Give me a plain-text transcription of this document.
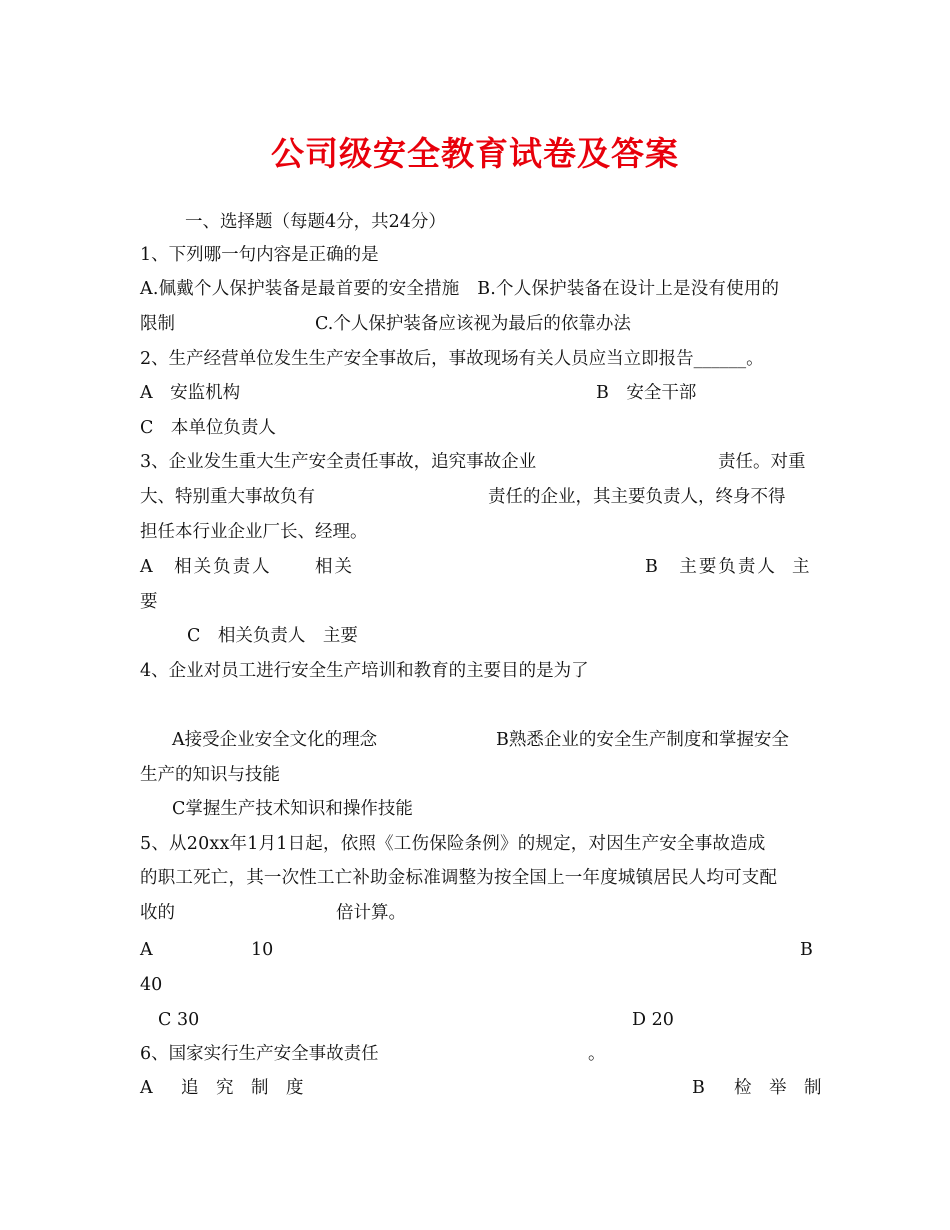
公司级安全教育试卷及答案
一、选择题（每题4分，共24分）
1、下列哪一句内容是正确的是
A.佩戴个人保护装备是最首要的安全措施　B.个人保护装备在设计上是没有使用的
限制	C.个人保护装备应该视为最后的依靠办法
2、生产经营单位发生生产安全事故后，事故现场有关人员应当立即报告______。
A　安监机构	B　安全干部
C　本单位负责人
3、企业发生重大生产安全责任事故，追究事故企业	责任。对重
大、特别重大事故负有	责任的企业，其主要负责人，终身不得
担任本行业企业厂长、经理。
A　相关负责人 相关	B　主要负责人 主
要
C　相关负责人　主要
4、企业对员工进行安全生产培训和教育的主要目的是为了
A接受企业安全文化的理念	B熟悉企业的安全生产制度和掌握安全
生产的知识与技能
C掌握生产技术知识和操作技能
5、从20xx年1月1日起，依照《工伤保险条例》的规定，对因生产安全事故造成
的职工死亡，其一次性工亡补助金标准调整为按全国上一年度城镇居民人均可支配
收的	倍计算。
A	10	B
40
C 30	D 20
6、国家实行生产安全事故责任	。
A 追　究　制　度	B 检　举　制
